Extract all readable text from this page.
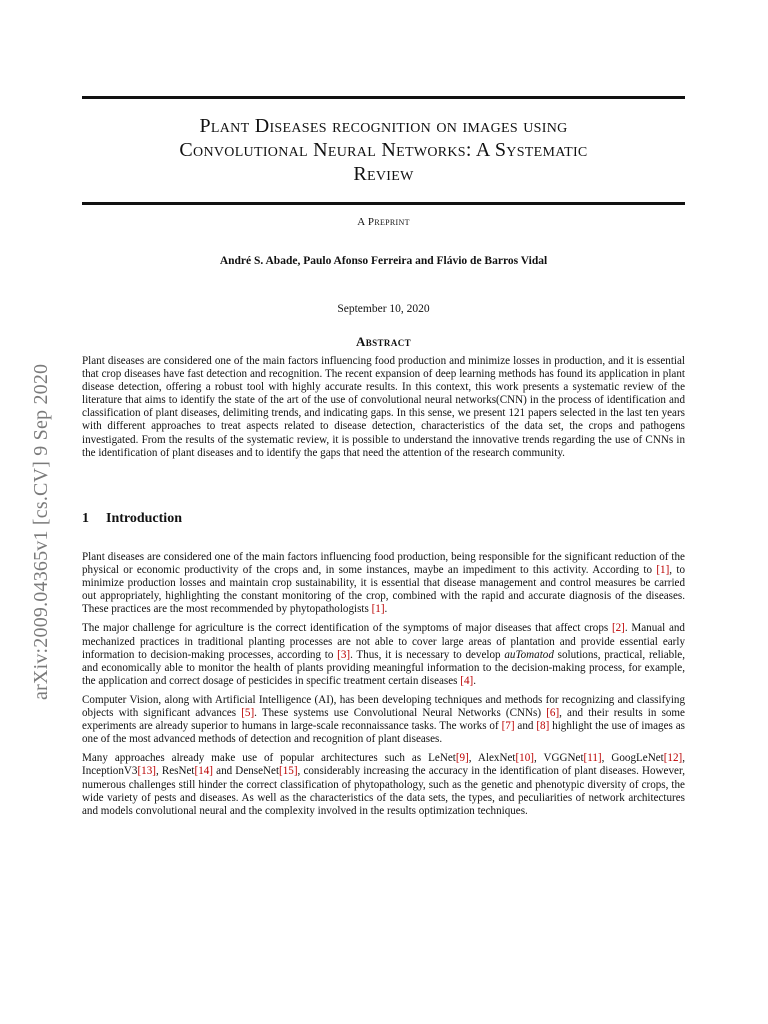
arXiv:2009.04365v1 [cs.CV] 9 Sep 2020
Plant Diseases recognition on images using
Convolutional Neural Networks: A Systematic
Review
A Preprint
André S. Abade, Paulo Afonso Ferreira and Flávio de Barros Vidal
September 10, 2020
Abstract
Plant diseases are considered one of the main factors influencing food production and minimize losses in production, and it is essential that crop diseases have fast detection and recognition. The recent expansion of deep learning methods has found its application in plant disease detection, offering a robust tool with highly accurate results. In this context, this work presents a systematic review of the literature that aims to identify the state of the art of the use of convolutional neural networks(CNN) in the process of identification and classification of plant diseases, delimiting trends, and indicating gaps. In this sense, we present 121 papers selected in the last ten years with different approaches to treat aspects related to disease detection, characteristics of the data set, the crops and pathogens investigated. From the results of the systematic review, it is possible to understand the innovative trends regarding the use of CNNs in the identification of plant diseases and to identify the gaps that need the attention of the research community.
1 Introduction

Plant diseases are considered one of the main factors influencing food production, being responsible for the significant reduction of the physical or economic productivity of the crops and, in some instances, maybe an impediment to this activity. According to [1], to minimize production losses and maintain crop sustainability, it is essential that disease management and control measures be carried out appropriately, highlighting the constant monitoring of the crop, combined with the rapid and accurate diagnosis of the diseases. These practices are the most recommended by phytopathologists [1].

The major challenge for agriculture is the correct identification of the symptoms of major diseases that affect crops [2]. Manual and mechanized practices in traditional planting processes are not able to cover large areas of plantation and provide essential early information to decision-making processes, according to [3]. Thus, it is necessary to develop auTomatod solutions, practical, reliable, and economically able to monitor the health of plants providing meaningful information to the decision-making process, for example, the application and correct dosage of pesticides in specific treatment certain diseases [4].

Computer Vision, along with Artificial Intelligence (AI), has been developing techniques and methods for recognizing and classifying objects with significant advances [5]. These systems use Convolutional Neural Networks (CNNs) [6], and their results in some experiments are already superior to humans in large-scale reconnaissance tasks. The works of [7] and [8] highlight the use of images as one of the most advanced methods of detection and recognition of plant diseases.

Many approaches already make use of popular architectures such as LeNet[9], AlexNet[10], VGGNet[11], GoogLeNet[12], InceptionV3[13], ResNet[14] and DenseNet[15], considerably increasing the accuracy in the identification of plant diseases. However, numerous challenges still hinder the correct classification of phytopathology, such as the genetic and phenotypic diversity of crops, the wide variety of pests and diseases. As well as the characteristics of the data sets, the types, and peculiarities of network architectures and models convolutional neural and the complexity involved in the results optimization techniques.
